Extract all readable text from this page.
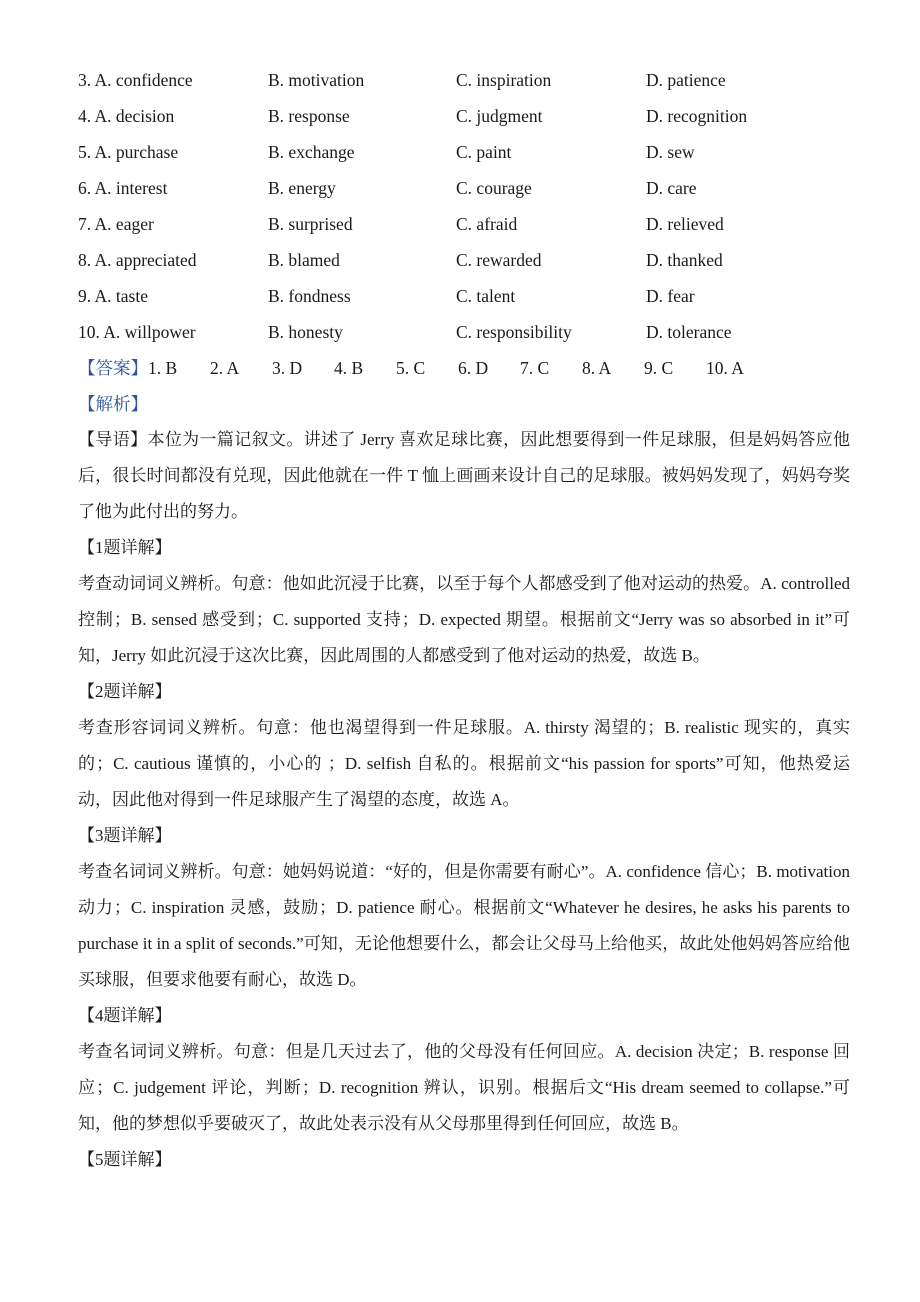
3. A. confidence	B. motivation	C. inspiration	D. patience
4. A. decision	B. response	C. judgment	D. recognition
5. A. purchase	B. exchange	C. paint	D. sew
6. A. interest	B. energy	C. courage	D. care
7. A. eager	B. surprised	C. afraid	D. relieved
8. A. appreciated	B. blamed	C. rewarded	D. thanked
9. A. taste	B. fondness	C. talent	D. fear
10. A. willpower	B. honesty	C. responsibility	D. tolerance
【答案】1. B 2. A 3. D 4. B 5. C 6. D 7. C 8. A 9. C 10. A
【解析】

【导语】本位为一篇记叙文。讲述了 Jerry 喜欢足球比赛，因此想要得到一件足球服，但是妈妈答应他后，很长时间都没有兑现，因此他就在一件 T 恤上画画来设计自己的足球服。被妈妈发现了，妈妈夸奖了他为此付出的努力。

【1题详解】

考查动词词义辨析。句意：他如此沉浸于比赛，以至于每个人都感受到了他对运动的热爱。A. controlled 控制；B. sensed 感受到；C. supported 支持；D. expected 期望。根据前文“Jerry was so absorbed in it”可知，Jerry 如此沉浸于这次比赛，因此周围的人都感受到了他对运动的热爱，故选 B。

【2题详解】

考查形容词词义辨析。句意：他也渴望得到一件足球服。A. thirsty 渴望的；B. realistic 现实的，真实的；C. cautious 谨慎的，小心的 ；D. selfish 自私的。根据前文“his passion for sports”可知，他热爱运动，因此他对得到一件足球服产生了渴望的态度，故选 A。

【3题详解】

考查名词词义辨析。句意：她妈妈说道：“好的，但是你需要有耐心”。A. confidence 信心；B. motivation 动力；C. inspiration 灵感，鼓励；D. patience 耐心。根据前文“Whatever he desires, he asks his parents to purchase it in a split of seconds.”可知，无论他想要什么，都会让父母马上给他买，故此处他妈妈答应给他买球服，但要求他要有耐心，故选 D。

【4题详解】

考查名词词义辨析。句意：但是几天过去了，他的父母没有任何回应。A. decision 决定；B. response 回应；C. judgement 评论，判断；D. recognition 辨认，识别。根据后文“His dream seemed to collapse.”可知，他的梦想似乎要破灭了，故此处表示没有从父母那里得到任何回应，故选 B。

【5题详解】
